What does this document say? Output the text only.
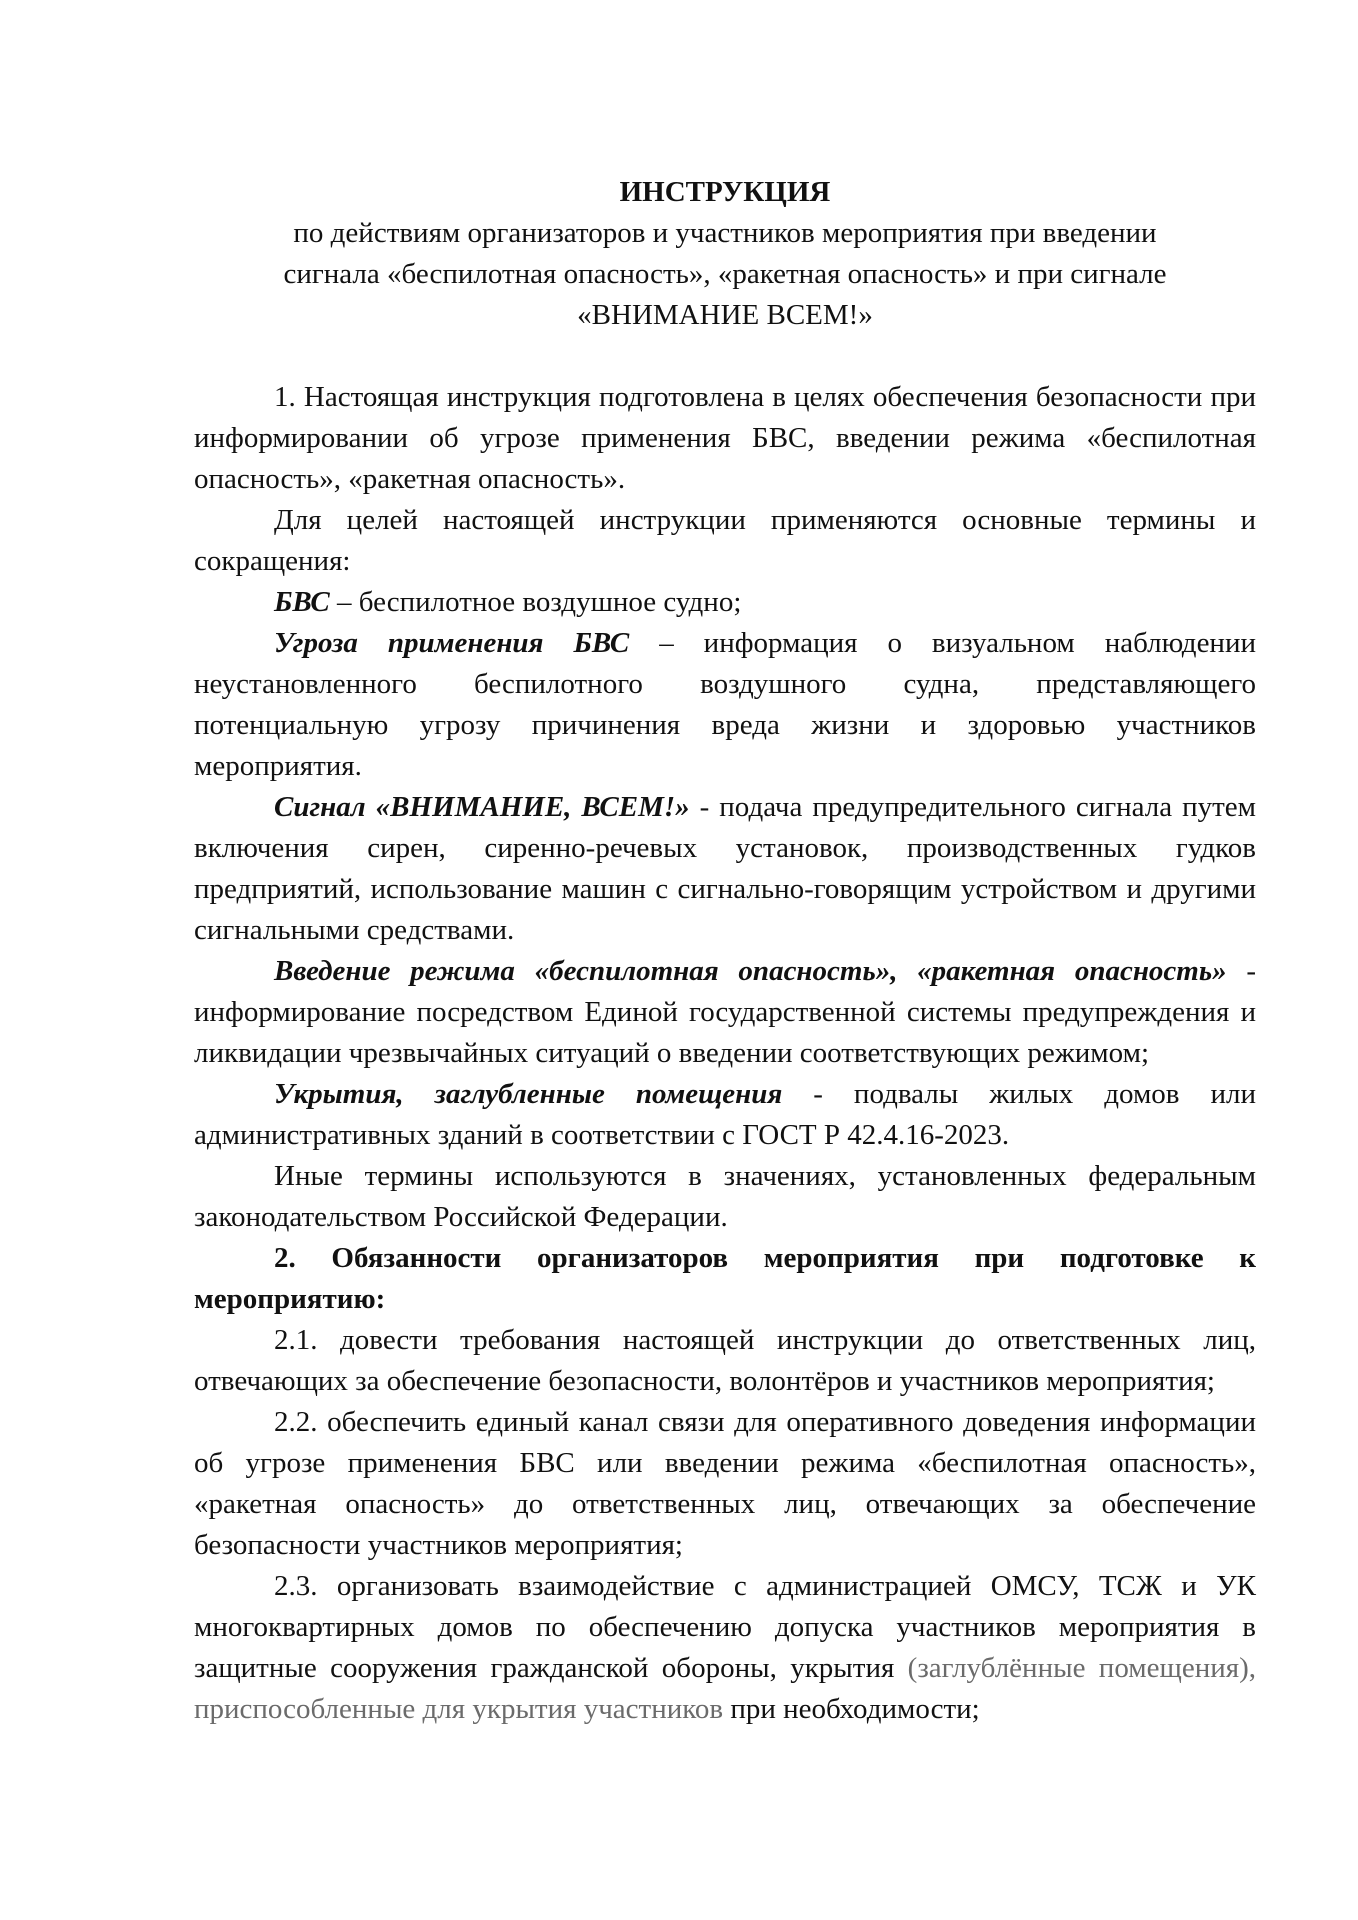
ИНСТРУКЦИЯ
по действиям организаторов и участников мероприятия при введении
сигнала «беспилотная опасность», «ракетная опасность» и при сигнале
«ВНИМАНИЕ ВСЕМ!»

1. Настоящая инструкция подготовлена в целях обеспечения безопасности при информировании об угрозе применения БВС, введении режима «беспилотная опасность», «ракетная опасность».

Для целей настоящей инструкции применяются основные термины и сокращения:

БВС – беспилотное воздушное судно;

Угроза применения БВС – информация о визуальном наблюдении неустановленного беспилотного воздушного судна, представляющего потенциальную угрозу причинения вреда жизни и здоровью участников мероприятия.

Сигнал «ВНИМАНИЕ, ВСЕМ!» - подача предупредительного сигнала путем включения сирен, сиренно-речевых установок, производственных гудков предприятий, использование машин с сигнально-говорящим устройством и другими сигнальными средствами.

Введение режима «беспилотная опасность», «ракетная опасность» - информирование посредством Единой государственной системы предупреждения и ликвидации чрезвычайных ситуаций о введении соответствующих режимом;

Укрытия, заглубленные помещения - подвалы жилых домов или административных зданий в соответствии с ГОСТ Р 42.4.16-2023.

Иные термины используются в значениях, установленных федеральным законодательством Российской Федерации.

2. Обязанности организаторов мероприятия при подготовке к мероприятию:

2.1. довести требования настоящей инструкции до ответственных лиц, отвечающих за обеспечение безопасности, волонтёров и участников мероприятия;

2.2. обеспечить единый канал связи для оперативного доведения информации об угрозе применения БВС или введении режима «беспилотная опасность», «ракетная опасность» до ответственных лиц, отвечающих за обеспечение безопасности участников мероприятия;

2.3. организовать взаимодействие с администрацией ОМСУ, ТСЖ и УК многоквартирных домов по обеспечению допуска участников мероприятия в защитные сооружения гражданской обороны, укрытия (заглублённые помещения), приспособленные для укрытия участников при необходимости;
